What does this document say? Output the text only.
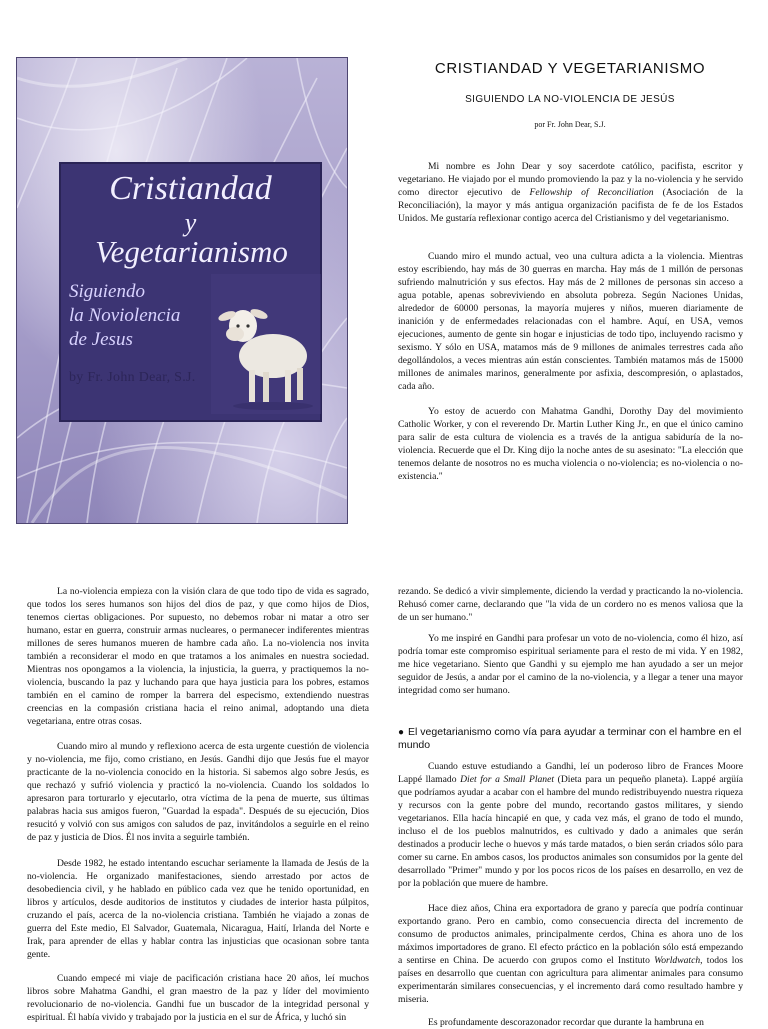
Cristiandad
y
Vegetarianismo
Siguiendo
la Noviolencia
de Jesus
by Fr. John Dear, S.J.
CRISTIANDAD Y VEGETARIANISMO
SIGUIENDO LA NO-VIOLENCIA DE JESÚS
por Fr. John Dear, S.J.

Mi nombre es John Dear y soy sacerdote católico, pacifista, escritor y vegetariano. He viajado por el mundo promoviendo la paz y la no-violencia y he servido como director ejecutivo de Fellowship of Reconciliation (Asociación de la Reconciliación), la mayor y más antigua organización pacifista de fe de los Estados Unidos. Me gustaría reflexionar contigo acerca del Cristianismo y del vegetarianismo.

Cuando miro el mundo actual, veo una cultura adicta a la violencia. Mientras estoy escribiendo, hay más de 30 guerras en marcha. Hay más de 1 millón de personas sufriendo malnutrición y sus efectos. Hay más de 2 millones de personas sin acceso a agua potable, apenas sobreviviendo en absoluta pobreza. Según Naciones Unidas, alrededor de 60000 personas, la mayoría mujeres y niños, mueren diariamente de inanición y de enfermedades relacionadas con el hambre. Aquí, en USA, vemos ejecuciones, aumento de gente sin hogar e injusticias de todo tipo, incluyendo racismo y sexismo. Y sólo en USA, matamos más de 9 millones de animales terrestres cada año degollándolos, a veces mientras aún están conscientes. También matamos más de 15000 millones de animales marinos, generalmente por asfixia, descompresión, o aplastados, cada año.

Yo estoy de acuerdo con Mahatma Gandhi, Dorothy Day del movimiento Catholic Worker, y con el reverendo Dr. Martin Luther King Jr., en que el único camino para salir de esta cultura de violencia es a través de la antigua sabiduría de la no-violencia. Recuerde que el Dr. King dijo la noche antes de su asesinato: "La elección que tenemos delante de nosotros no es mucha violencia o no-violencia; es no-violencia o no-existencia."

La no-violencia empieza con la visión clara de que todo tipo de vida es sagrado, que todos los seres humanos son hijos del dios de paz, y que como hijos de Dios, tenemos ciertas obligaciones. Por supuesto, no debemos robar ni matar a otro ser humano, estar en guerra, construir armas nucleares, o permanecer indiferentes mientras millones de seres humanos mueren de hambre cada año. La no-violencia nos invita también a reconsiderar el modo en que tratamos a los animales en nuestra sociedad. Mientras nos opongamos a la violencia, la injusticia, la guerra, y practiquemos la no-violencia, buscando la paz y luchando para que haya justicia para los pobres, estamos también en el camino de romper la barrera del especismo, extendiendo nuestras creencias en la compasión cristiana hacia el reino animal, adoptando una dieta vegetariana, entre otras cosas.

Cuando miro al mundo y reflexiono acerca de esta urgente cuestión de violencia y no-violencia, me fijo, como cristiano, en Jesús. Gandhi dijo que Jesús fue el mayor practicante de la no-violencia conocido en la historia. Si sabemos algo sobre Jesús, es que rechazó y sufrió violencia y practicó la no-violencia. Cuando los soldados lo apresaron para torturarlo y ejecutarlo, otra víctima de la pena de muerte, sus últimas palabras hacia sus amigos fueron, "Guardad la espada". Después de su ejecución, Dios resucitó y volvió con sus amigos con saludos de paz, invitándolos a seguirle en el reino de paz y justicia de Dios. Él nos invita a seguirle también.

Desde 1982, he estado intentando escuchar seriamente la llamada de Jesús de la no-violencia. He organizado manifestaciones, siendo arrestado por actos de desobediencia civil, y he hablado en público cada vez que he tenido oportunidad, en libros y artículos, desde auditorios de institutos y ciudades de interior hasta púlpitos, cruzando el país, acerca de la no-violencia cristiana. También he viajado a zonas de guerra del Este medio, El Salvador, Guatemala, Nicaragua, Haití, Irlanda del Norte e Irak, para aprender de ellas y hablar contra las injusticias que ocasionan sobre tanta gente.

Cuando empecé mi viaje de pacificación cristiana hace 20 años, leí muchos libros sobre Mahatma Gandhi, el gran maestro de la paz y líder del movimiento revolucionario de no-violencia. Gandhi fue un buscador de la integridad personal y espiritual. Él había vivido y trabajado por la justicia en el sur de África, y luchó sin

rezando. Se dedicó a vivir simplemente, diciendo la verdad y practicando la no-violencia. Rehusó comer carne, declarando que "la vida de un cordero no es menos valiosa que la de un ser humano."

Yo me inspiré en Gandhi para profesar un voto de no-violencia, como él hizo, así podría tomar este compromiso espiritual seriamente para el resto de mi vida. Y en 1982, me hice vegetariano. Siento que Gandhi y su ejemplo me han ayudado a ser un mejor seguidor de Jesús, a andar por el camino de la no-violencia, y a llegar a tener una mayor integridad como ser humano.

● El vegetarianismo como vía para ayudar a terminar con el hambre en el mundo

Cuando estuve estudiando a Gandhi, leí un poderoso libro de Frances Moore Lappé llamado Diet for a Small Planet (Dieta para un pequeño planeta). Lappé argüía que podríamos ayudar a acabar con el hambre del mundo redistribuyendo nuestra riqueza y recursos con la gente pobre del mundo, recortando gastos militares, y siendo vegetarianos. Ella hacía hincapié en que, y cada vez más, el grano de todo el mundo, incluso el de los pueblos malnutridos, es cultivado y dado a animales que serán destinados a producir leche o huevos y más tarde matados, o bien serán criados sólo para comer su carne. En ambos casos, los productos animales son consumidos por la gente del desarrollado "Primer" mundo y por los pocos ricos de los países en desarrollo, en vez de por la población que muere de hambre.

Hace diez años, China era exportadora de grano y parecía que podría continuar exportando grano. Pero en cambio, como consecuencia directa del incremento de consumo de productos animales, principalmente cerdos, China es ahora uno de los máximos importadores de grano. El efecto práctico en la población sólo está empezando a sentirse en China. De acuerdo con grupos como el Instituto Worldwatch, todos los países en desarrollo que cuentan con agricultura para alimentar animales para consumo experimentarán similares consecuencias, y el incremento dará como resultado hambre y miseria.

Es profundamente descorazonador recordar que durante la hambruna en
